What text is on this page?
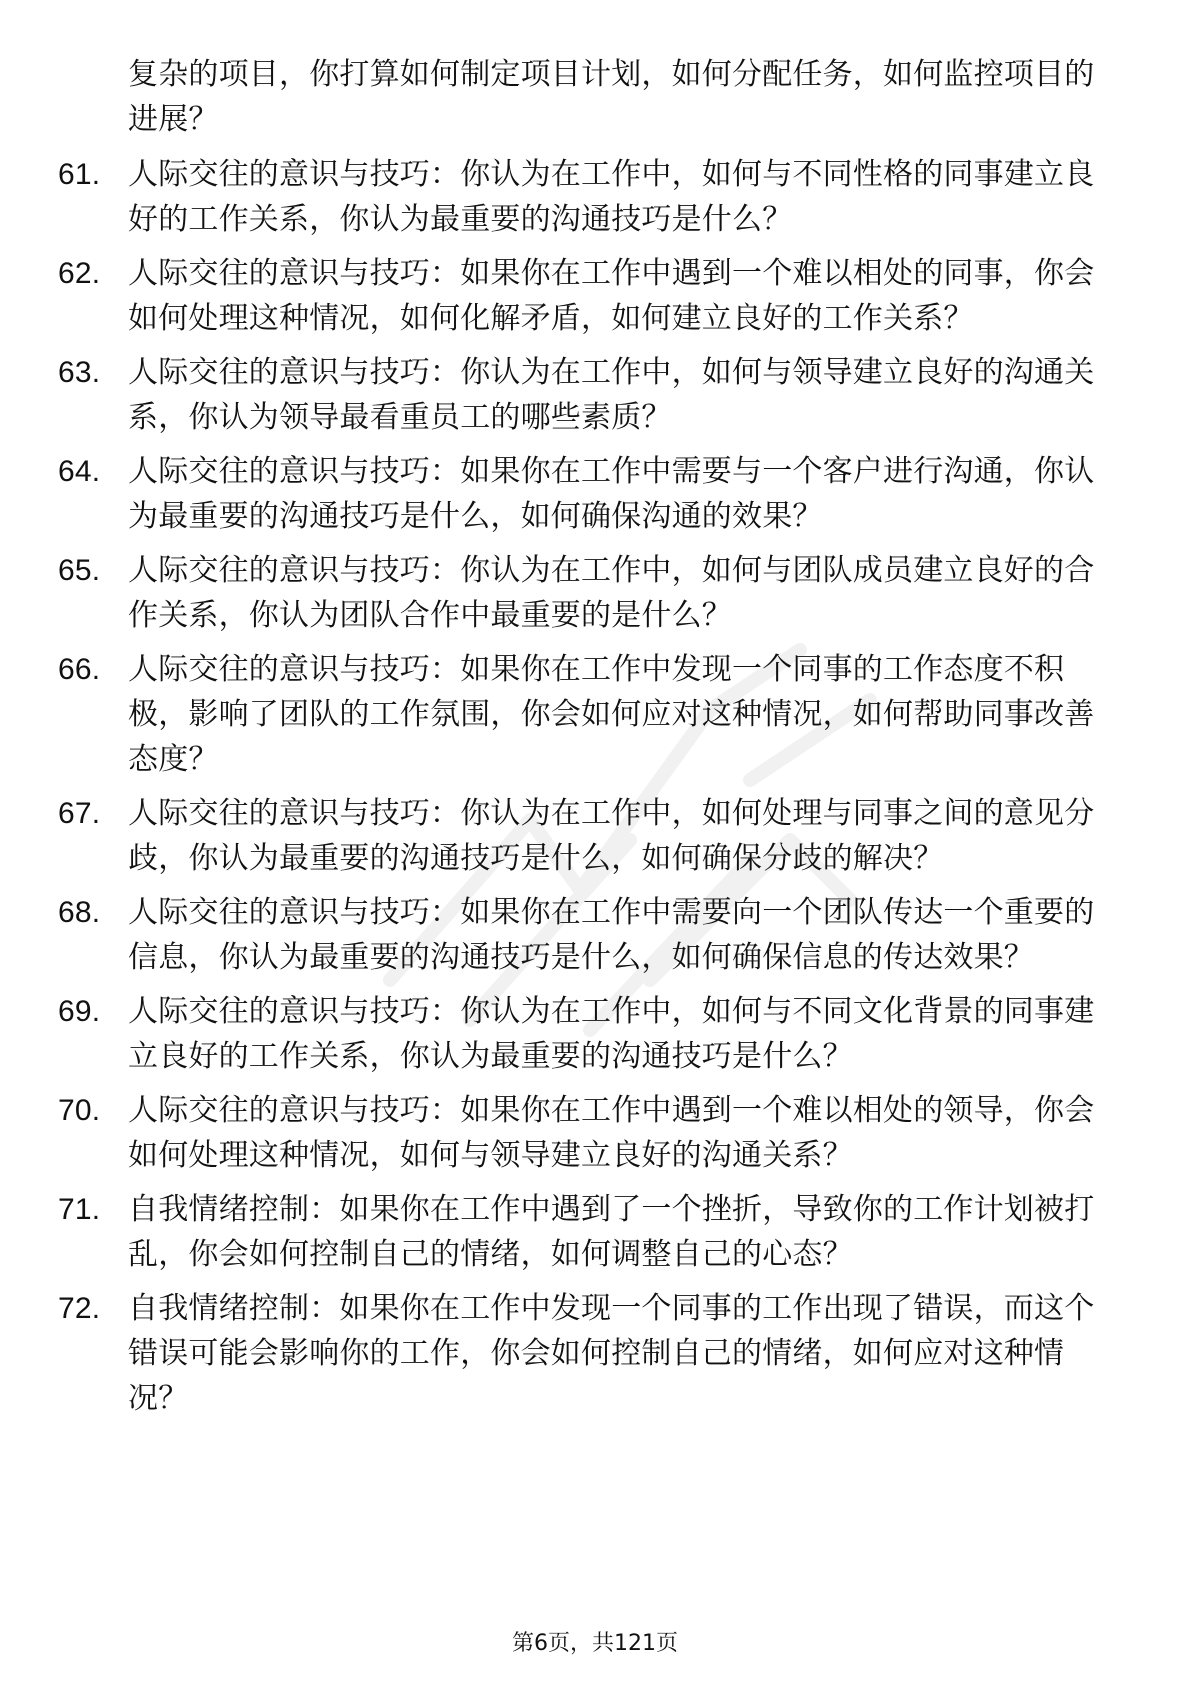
复杂的项目，你打算如何制定项目计划，如何分配任务，如何监控项目的进展？

61. 人际交往的意识与技巧：你认为在工作中，如何与不同性格的同事建立良好的工作关系，你认为最重要的沟通技巧是什么？
62. 人际交往的意识与技巧：如果你在工作中遇到一个难以相处的同事，你会如何处理这种情况，如何化解矛盾，如何建立良好的工作关系？
63. 人际交往的意识与技巧：你认为在工作中，如何与领导建立良好的沟通关系，你认为领导最看重员工的哪些素质？
64. 人际交往的意识与技巧：如果你在工作中需要与一个客户进行沟通，你认为最重要的沟通技巧是什么，如何确保沟通的效果？
65. 人际交往的意识与技巧：你认为在工作中，如何与团队成员建立良好的合作关系，你认为团队合作中最重要的是什么？
66. 人际交往的意识与技巧：如果你在工作中发现一个同事的工作态度不积极，影响了团队的工作氛围，你会如何应对这种情况，如何帮助同事改善态度？
67. 人际交往的意识与技巧：你认为在工作中，如何处理与同事之间的意见分歧，你认为最重要的沟通技巧是什么，如何确保分歧的解决？
68. 人际交往的意识与技巧：如果你在工作中需要向一个团队传达一个重要的信息，你认为最重要的沟通技巧是什么，如何确保信息的传达效果？
69. 人际交往的意识与技巧：你认为在工作中，如何与不同文化背景的同事建立良好的工作关系，你认为最重要的沟通技巧是什么？
70. 人际交往的意识与技巧：如果你在工作中遇到一个难以相处的领导，你会如何处理这种情况，如何与领导建立良好的沟通关系？
71. 自我情绪控制：如果你在工作中遇到了一个挫折，导致你的工作计划被打乱，你会如何控制自己的情绪，如何调整自己的心态？
72. 自我情绪控制：如果你在工作中发现一个同事的工作出现了错误，而这个错误可能会影响你的工作，你会如何控制自己的情绪，如何应对这种情况？
第6页，共121页
